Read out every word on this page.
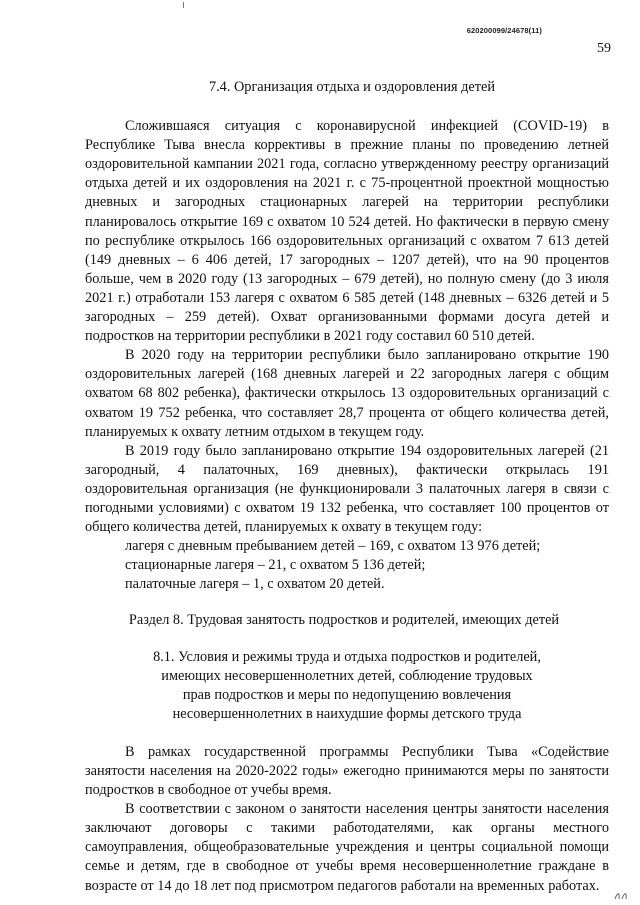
620200099/24678(11)
59
7.4. Организация отдыха и оздоровления детей

Сложившаяся ситуация с коронавирусной инфекцией (COVID-19) в Республике Тыва внесла коррективы в прежние планы по проведению летней оздоровительной кампании 2021 года, согласно утвержденному реестру организаций отдыха детей и их оздоровления на 2021 г. с 75-процентной проектной мощностью дневных и загородных стационарных лагерей на территории республики планировалось открытие 169 с охватом 10 524 детей. Но фактически в первую смену по республике открылось 166 оздоровительных организаций с охватом 7 613 детей (149 дневных – 6 406 детей, 17 загородных – 1207 детей), что на 90 процентов больше, чем в 2020 году (13 загородных – 679 детей), но полную смену (до 3 июля 2021 г.) отработали 153 лагеря с охватом 6 585 детей (148 дневных – 6326 детей и 5 загородных – 259 детей). Охват организованными формами досуга детей и подростков на территории республики в 2021 году составил 60 510 детей.

В 2020 году на территории республики было запланировано открытие 190 оздоровительных лагерей (168 дневных лагерей и 22 загородных лагеря с общим охватом 68 802 ребенка), фактически открылось 13 оздоровительных организаций с охватом 19 752 ребенка, что составляет 28,7 процента от общего количества детей, планируемых к охвату летним отдыхом в текущем году.

В 2019 году было запланировано открытие 194 оздоровительных лагерей (21 загородный, 4 палаточных, 169 дневных), фактически открылась 191 оздоровительная организация (не функционировали 3 палаточных лагеря в связи с погодными условиями) с охватом 19 132 ребенка, что составляет 100 процентов от общего количества детей, планируемых к охвату в текущем году:

лагеря с дневным пребыванием детей – 169, с охватом 13 976 детей;
стационарные лагеря – 21, с охватом 5 136 детей;
палаточные лагеря – 1, с охватом 20 детей.
Раздел 8. Трудовая занятость подростков и родителей, имеющих детей
8.1. Условия и режимы труда и отдыха подростков и родителей,
имеющих несовершеннолетних детей, соблюдение трудовых
прав подростков и меры по недопущению вовлечения
несовершеннолетних в наихудшие формы детского труда

В рамках государственной программы Республики Тыва «Содействие занятости населения на 2020-2022 годы» ежегодно принимаются меры по занятости подростков в свободное от учебы время.

В соответствии с законом о занятости населения центры занятости населения заключают договоры с такими работодателями, как органы местного самоуправления, общеобразовательные учреждения и центры социальной помощи семье и детям, где в свободное от учебы время несовершеннолетние граждане в возрасте от 14 до 18 лет под присмотром педагогов работали на временных работах.
